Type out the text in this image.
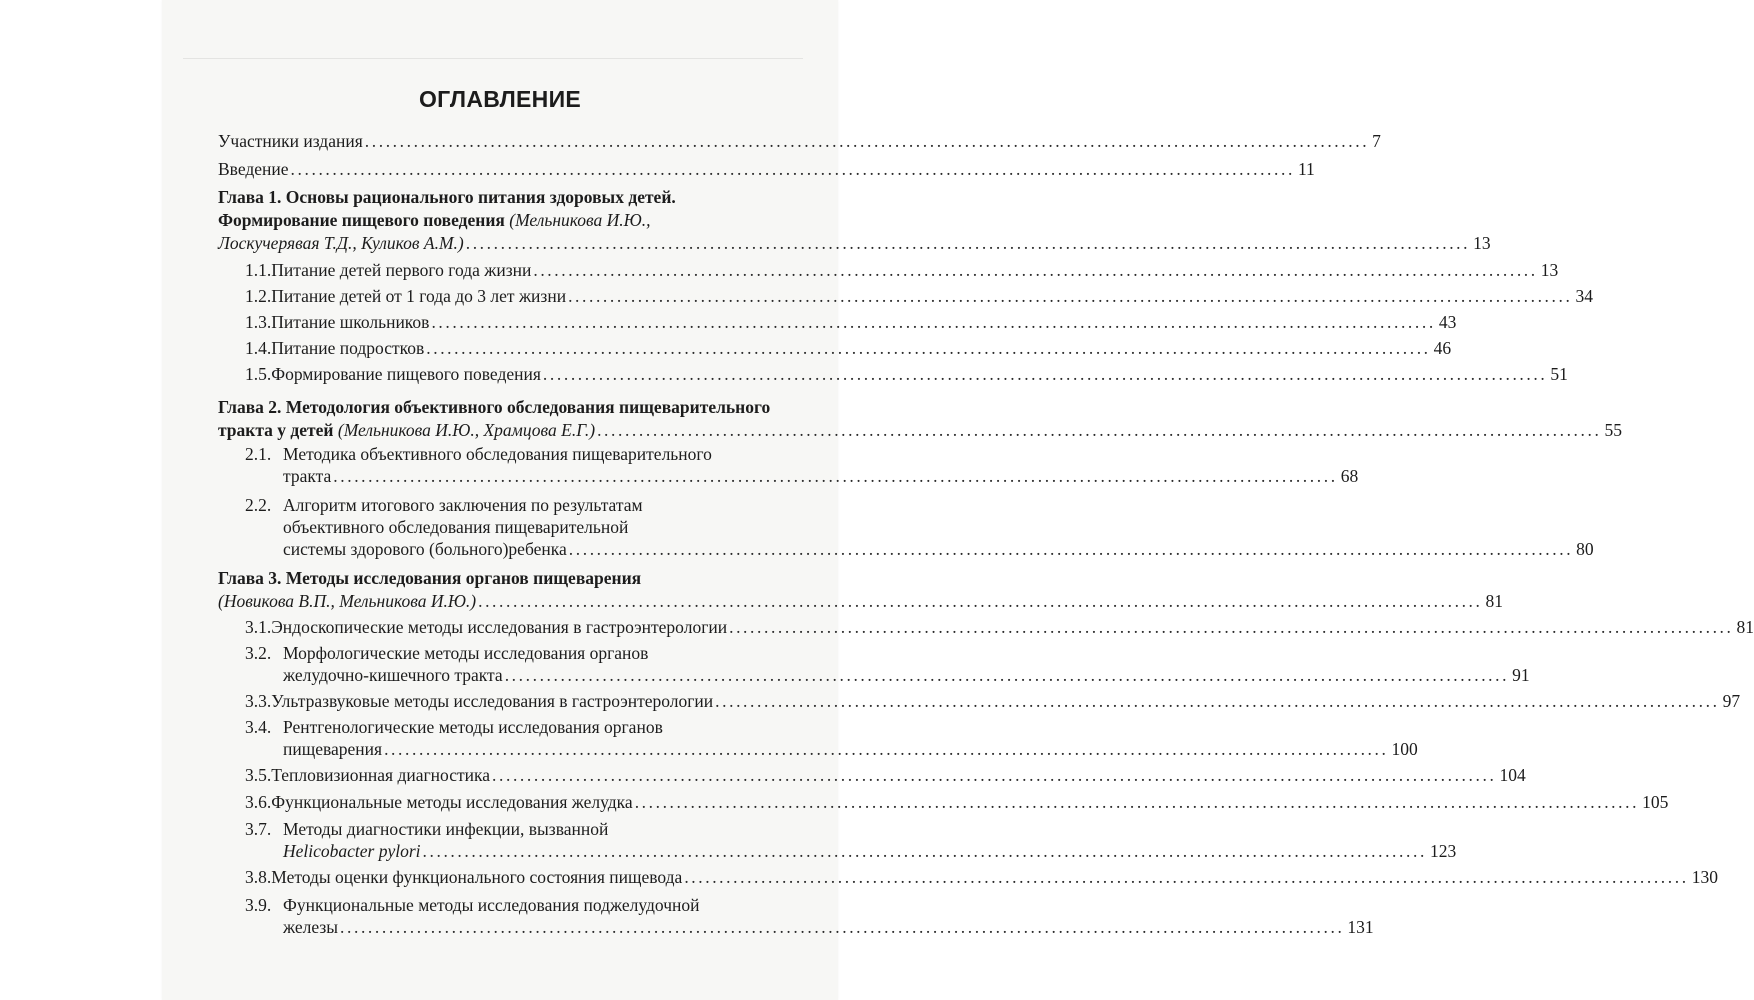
ОГЛАВЛЕНИЕ
Участники издания ................................................................................................................................................ 7
Введение ................................................................................................................................................ 11
Глава 1. Основы рационального питания здоровых детей.
Формирование пищевого поведения (Мельникова И.Ю.,
Лоскучерявая Т.Д., Куликов А.М.) ................................................................................................................................................ 13
1.1. Питание детей первого года жизни ................................................................................................................................................ 13
1.2. Питание детей от 1 года до 3 лет жизни ................................................................................................................................................ 34
1.3. Питание школьников ................................................................................................................................................ 43
1.4. Питание подростков ................................................................................................................................................ 46
1.5. Формирование пищевого поведения ................................................................................................................................................ 51
Глава 2. Методология объективного обследования пищеварительного
тракта у детей (Мельникова И.Ю., Храмцова Е.Г.) ................................................................................................................................................ 55
2.1. Методика объективного обследования пищеварительного
тракта ................................................................................................................................................ 68
2.2. Алгоритм итогового заключения по результатам
объективного обследования пищеварительной
системы здорового (больного)ребенка ................................................................................................................................................ 80
Глава 3. Методы исследования органов пищеварения
(Новикова В.П., Мельникова И.Ю.) ................................................................................................................................................ 81
3.1. Эндоскопические методы исследования в гастроэнтерологии ................................................................................................................................................ 81
3.2. Морфологические методы исследования органов
желудочно-кишечного тракта ................................................................................................................................................ 91
3.3. Ультразвуковые методы исследования в гастроэнтерологии ................................................................................................................................................ 97
3.4. Рентгенологические методы исследования органов
пищеварения ................................................................................................................................................ 100
3.5. Тепловизионная диагностика ................................................................................................................................................ 104
3.6. Функциональные методы исследования желудка ................................................................................................................................................ 105
3.7. Методы диагностики инфекции, вызванной
Helicobacter pylori ................................................................................................................................................ 123
3.8. Методы оценки функционального состояния пищевода ................................................................................................................................................ 130
3.9. Функциональные методы исследования поджелудочной
железы ................................................................................................................................................ 131
